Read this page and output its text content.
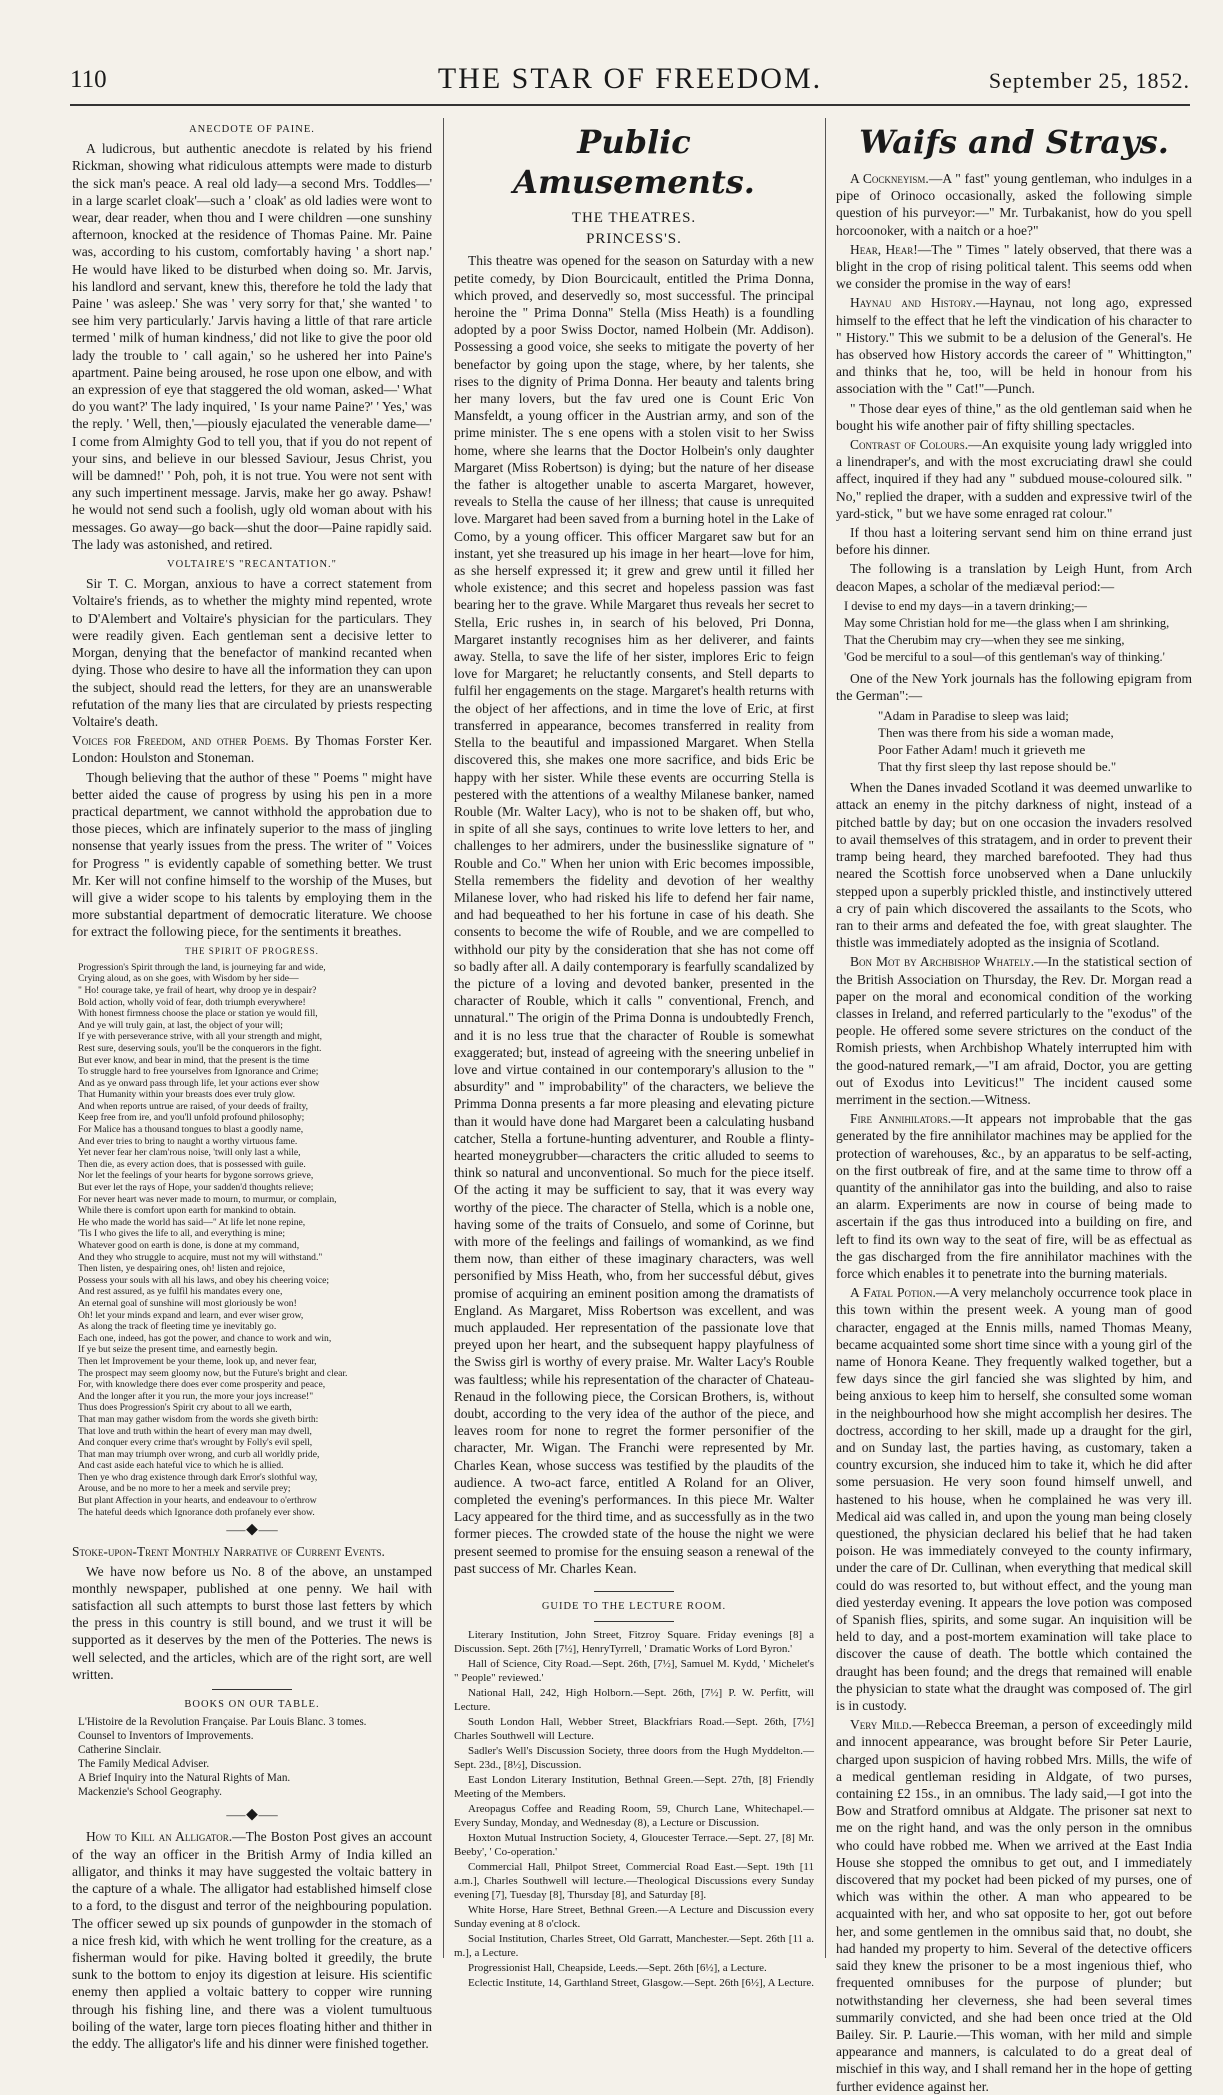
110	THE STAR OF FREEDOM.	September 25, 1852.
ANECDOTE OF PAINE.

A ludicrous, but authentic anecdote is related by his friend Rickman, showing what ridiculous attempts were made to disturb the sick man's peace. A real old lady—a second Mrs. Toddles—' in a large scarlet cloak'—such a ' cloak' as old ladies were wont to wear, dear reader, when thou and I were children —one sunshiny afternoon, knocked at the residence of Thomas Paine. Mr. Paine was, according to his custom, comfortably having ' a short nap.' He would have liked to be disturbed when doing so. Mr. Jarvis, his landlord and servant, knew this, therefore he told the lady that Paine ' was asleep.' She was ' very sorry for that,' she wanted ' to see him very particularly.' Jarvis having a little of that rare article termed ' milk of human kindness,' did not like to give the poor old lady the trouble to ' call again,' so he ushered her into Paine's apartment. Paine being aroused, he rose upon one elbow, and with an expression of eye that staggered the old woman, asked—' What do you want?' The lady inquired, ' Is your name Paine?' ' Yes,' was the reply. ' Well, then,'—piously ejaculated the venerable dame—' I come from Almighty God to tell you, that if you do not repent of your sins, and believe in our blessed Saviour, Jesus Christ, you will be damned!' ' Poh, poh, it is not true. You were not sent with any such impertinent message. Jarvis, make her go away. Pshaw! he would not send such a foolish, ugly old woman about with his messages. Go away—go back—shut the door—Paine rapidly said. The lady was astonished, and retired.

VOLTAIRE'S "RECANTATION."

Sir T. C. Morgan, anxious to have a correct statement from Voltaire's friends, as to whether the mighty mind repented, wrote to D'Alembert and Voltaire's physician for the particulars. They were readily given. Each gentleman sent a decisive letter to Morgan, denying that the benefactor of mankind recanted when dying. Those who desire to have all the information they can upon the subject, should read the letters, for they are an unanswerable refutation of the many lies that are circulated by priests respecting Voltaire's death.

Voices for Freedom, and other Poems. By Thomas Forster Ker. London: Houlston and Stoneman.

Though believing that the author of these " Poems " might have better aided the cause of progress by using his pen in a more practical department, we cannot withhold the approbation due to those pieces, which are infinately superior to the mass of jingling nonsense that yearly issues from the press. The writer of " Voices for Progress " is evidently capable of something better. We trust Mr. Ker will not confine himself to the worship of the Muses, but will give a wider scope to his talents by employing them in the more substantial department of democratic literature. We choose for extract the following piece, for the sentiments it breathes.

THE SPIRIT OF PROGRESS.
Progression's Spirit through the land, is journeying far and wide,
Crying aloud, as on she goes, with Wisdom by her side—
" Ho! courage take, ye frail of heart, why droop ye in despair?
Bold action, wholly void of fear, doth triumph everywhere!
With honest firmness choose the place or station ye would fill,
And ye will truly gain, at last, the object of your will;
If ye with perseverance strive, with all your strength and might,
Rest sure, deserving souls, you'll be the conquerors in the fight.
But ever know, and bear in mind, that the present is the time
To struggle hard to free yourselves from Ignorance and Crime;
And as ye onward pass through life, let your actions ever show
That Humanity within your breasts does ever truly glow.
And when reports untrue are raised, of your deeds of frailty,
Keep free from ire, and you'll unfold profound philosophy;
For Malice has a thousand tongues to blast a goodly name,
And ever tries to bring to naught a worthy virtuous fame.
Yet never fear her clam'rous noise, 'twill only last a while,
Then die, as every action does, that is possessed with guile.
Nor let the feelings of your hearts for bygone sorrows grieve,
But ever let the rays of Hope, your sadden'd thoughts relieve;
For never heart was never made to mourn, to murmur, or complain,
While there is comfort upon earth for mankind to obtain.
He who made the world has said—" At life let none repine,
'Tis I who gives the life to all, and everything is mine;
Whatever good on earth is done, is done at my command,
And they who struggle to acquire, must not my will withstand."
Then listen, ye despairing ones, oh! listen and rejoice,
Possess your souls with all his laws, and obey his cheering voice;
And rest assured, as ye fulfil his mandates every one,
An eternal goal of sunshine will most gloriously be won!
Oh! let your minds expand and learn, and ever wiser grow,
As along the track of fleeting time ye inevitably go.
Each one, indeed, has got the power, and chance to work and win,
If ye but seize the present time, and earnestly begin.
Then let Improvement be your theme, look up, and never fear,
The prospect may seem gloomy now, but the Future's bright and clear.
For, with knowledge there does ever come prosperity and peace,
And the longer after it you run, the more your joys increase!"
Thus does Progression's Spirit cry about to all we earth,
That man may gather wisdom from the words she giveth birth:
That love and truth within the heart of every man may dwell,
And conquer every crime that's wrought by Folly's evil spell,
That man may triumph over wrong, and curb all worldly pride,
And cast aside each hateful vice to which he is allied.
Then ye who drag existence through dark Error's slothful way,
Arouse, and be no more to her a meek and servile prey;
But plant Affection in your hearts, and endeavour to o'erthrow
The hateful deeds which Ignorance doth profanely ever show.
⸺◆⸺

Stoke-upon-Trent Monthly Narrative of Current Events.

We have now before us No. 8 of the above, an unstamped monthly newspaper, published at one penny. We hail with satisfaction all such attempts to burst those last fetters by which the press in this country is still bound, and we trust it will be supported as it deserves by the men of the Potteries. The news is well selected, and the articles, which are of the right sort, are well written.

BOOKS ON OUR TABLE.
L'Histoire de la Revolution Française. Par Louis Blanc. 3 tomes.
Counsel to Inventors of Improvements.
Catherine Sinclair.
The Family Medical Adviser.
A Brief Inquiry into the Natural Rights of Man.
Mackenzie's School Geography.
⸺◆⸺

How to Kill an Alligator.—The Boston Post gives an account of the way an officer in the British Army of India killed an alligator, and thinks it may have suggested the voltaic battery in the capture of a whale. The alligator had established himself close to a ford, to the disgust and terror of the neighbouring population. The officer sewed up six pounds of gunpowder in the stomach of a nice fresh kid, with which he went trolling for the creature, as a fisherman would for pike. Having bolted it greedily, the brute sunk to the bottom to enjoy its digestion at leisure. His scientific enemy then applied a voltaic battery to copper wire running through his fishing line, and there was a violent tumultuous boiling of the water, large torn pieces floating hither and thither in the eddy. The alligator's life and his dinner were finished together.

Public Amusements.
THE THEATRES.
PRINCESS'S.

This theatre was opened for the season on Saturday with a new petite comedy, by Dion Bourcicault, entitled the Prima Donna, which proved, and deservedly so, most successful. The principal heroine the " Prima Donna" Stella (Miss Heath) is a foundling adopted by a poor Swiss Doctor, named Holbein (Mr. Addison). Possessing a good voice, she seeks to mitigate the poverty of her benefactor by going upon the stage, where, by her talents, she rises to the dignity of Prima Donna. Her beauty and talents bring her many lovers, but the fav ured one is Count Eric Von Mansfeldt, a young officer in the Austrian army, and son of the prime minister. The s ene opens with a stolen visit to her Swiss home, where she learns that the Doctor Holbein's only daughter Margaret (Miss Robertson) is dying; but the nature of her disease the father is altogether unable to ascerta Margaret, however, reveals to Stella the cause of her illness; that cause is unrequited love. Margaret had been saved from a burning hotel in the Lake of Como, by a young officer. This officer Margaret saw but for an instant, yet she treasured up his image in her heart—love for him, as she herself expressed it; it grew and grew until it filled her whole existence; and this secret and hopeless passion was fast bearing her to the grave. While Margaret thus reveals her secret to Stella, Eric rushes in, in search of his beloved, Pri Donna, Margaret instantly recognises him as her deliverer, and faints away. Stella, to save the life of her sister, implores Eric to feign love for Margaret; he reluctantly consents, and Stell departs to fulfil her engagements on the stage. Margaret's health returns with the object of her affections, and in time the love of Eric, at first transferred in appearance, becomes transferred in reality from Stella to the beautiful and impassioned Margaret. When Stella discovered this, she makes one more sacrifice, and bids Eric be happy with her sister. While these events are occurring Stella is pestered with the attentions of a wealthy Milanese banker, named Rouble (Mr. Walter Lacy), who is not to be shaken off, but who, in spite of all she says, continues to write love letters to her, and challenges to her admirers, under the businesslike signature of " Rouble and Co." When her union with Eric becomes impossible, Stella remembers the fidelity and devotion of her wealthy Milanese lover, who had risked his life to defend her fair name, and had bequeathed to her his fortune in case of his death. She consents to become the wife of Rouble, and we are compelled to withhold our pity by the consideration that she has not come off so badly after all. A daily contemporary is fearfully scandalized by the picture of a loving and devoted banker, presented in the character of Rouble, which it calls " conventional, French, and unnatural." The origin of the Prima Donna is undoubtedly French, and it is no less true that the character of Rouble is somewhat exaggerated; but, instead of agreeing with the sneering unbelief in love and virtue contained in our contemporary's allusion to the " absurdity" and " improbability" of the characters, we believe the Primma Donna presents a far more pleasing and elevating picture than it would have done had Margaret been a calculating husband catcher, Stella a fortune-hunting adventurer, and Rouble a flinty-hearted moneygrubber—characters the critic alluded to seems to think so natural and unconventional. So much for the piece itself. Of the acting it may be sufficient to say, that it was every way worthy of the piece. The character of Stella, which is a noble one, having some of the traits of Consuelo, and some of Corinne, but with more of the feelings and failings of womankind, as we find them now, than either of these imaginary characters, was well personified by Miss Heath, who, from her successful début, gives promise of acquiring an eminent position among the dramatists of England. As Margaret, Miss Robertson was excellent, and was much applauded. Her representation of the passionate love that preyed upon her heart, and the subsequent happy playfulness of the Swiss girl is worthy of every praise. Mr. Walter Lacy's Rouble was faultless; while his representation of the character of Chateau-Renaud in the following piece, the Corsican Brothers, is, without doubt, according to the very idea of the author of the piece, and leaves room for none to regret the former personifier of the character, Mr. Wigan. The Franchi were represented by Mr. Charles Kean, whose success was testified by the plaudits of the audience. A two-act farce, entitled A Roland for an Oliver, completed the evening's performances. In this piece Mr. Walter Lacy appeared for the third time, and as successfully as in the two former pieces. The crowded state of the house the night we were present seemed to promise for the ensuing season a renewal of the past success of Mr. Charles Kean.

GUIDE TO THE LECTURE ROOM.

Literary Institution, John Street, Fitzroy Square. Friday evenings [8] a Discussion. Sept. 26th [7½], HenryTyrrell, ' Dramatic Works of Lord Byron.'

Hall of Science, City Road.—Sept. 26th, [7½], Samuel M. Kydd, ' Michelet's " People" reviewed.'

National Hall, 242, High Holborn.—Sept. 26th, [7½] P. W. Perfitt, will Lecture.

South London Hall, Webber Street, Blackfriars Road.—Sept. 26th, [7½] Charles Southwell will Lecture.

Sadler's Well's Discussion Society, three doors from the Hugh Myddelton.—Sept. 23d., [8½], Discussion.

East London Literary Institution, Bethnal Green.—Sept. 27th, [8] Friendly Meeting of the Members.

Areopagus Coffee and Reading Room, 59, Church Lane, Whitechapel.—Every Sunday, Monday, and Wednesday (8), a Lecture or Discussion.

Hoxton Mutual Instruction Society, 4, Gloucester Terrace.—Sept. 27, [8] Mr. Beeby', ' Co-operation.'

Commercial Hall, Philpot Street, Commercial Road East.—Sept. 19th [11 a.m.], Charles Southwell will lecture.—Theological Discussions every Sunday evening [7], Tuesday [8], Thursday [8], and Saturday [8].

White Horse, Hare Street, Bethnal Green.—A Lecture and Discussion every Sunday evening at 8 o'clock.

Social Institution, Charles Street, Old Garratt, Manchester.—Sept. 26th [11 a. m.], a Lecture.

Progressionist Hall, Cheapside, Leeds.—Sept. 26th [6½], a Lecture.

Eclectic Institute, 14, Garthland Street, Glasgow.—Sept. 26th [6½], A Lecture.

Waifs and Strays.

A Cockneyism.—A " fast" young gentleman, who indulges in a pipe of Orinoco occasionally, asked the following simple question of his purveyor:—" Mr. Turbakanist, how do you spell horcoonoker, with a naitch or a hoe?"

Hear, Hear!—The " Times " lately observed, that there was a blight in the crop of rising political talent. This seems odd when we consider the promise in the way of ears!

Haynau and History.—Haynau, not long ago, expressed himself to the effect that he left the vindication of his character to " History." This we submit to be a delusion of the General's. He has observed how History accords the career of " Whittington," and thinks that he, too, will be held in honour from his association with the " Cat!"—Punch.

" Those dear eyes of thine," as the old gentleman said when he bought his wife another pair of fifty shilling spectacles.

Contrast of Colours.—An exquisite young lady wriggled into a linendraper's, and with the most excruciating drawl she could affect, inquired if they had any " subdued mouse-coloured silk. " No," replied the draper, with a sudden and expressive twirl of the yard-stick, " but we have some enraged rat colour."

If thou hast a loitering servant send him on thine errand just before his dinner.

The following is a translation by Leigh Hunt, from Arch deacon Mapes, a scholar of the mediæval period:—

I devise to end my days—in a tavern drinking;—
May some Christian hold for me—the glass when I am shrinking,
That the Cherubim may cry—when they see me sinking,
'God be merciful to a soul—of this gentleman's way of thinking.'

One of the New York journals has the following epigram from the German":—

"Adam in Paradise to sleep was laid;
Then was there from his side a woman made,
Poor Father Adam! much it grieveth me
That thy first sleep thy last repose should be."

When the Danes invaded Scotland it was deemed unwarlike to attack an enemy in the pitchy darkness of night, instead of a pitched battle by day; but on one occasion the invaders resolved to avail themselves of this stratagem, and in order to prevent their tramp being heard, they marched barefooted. They had thus neared the Scottish force unobserved when a Dane unluckily stepped upon a superbly prickled thistle, and instinctively uttered a cry of pain which discovered the assailants to the Scots, who ran to their arms and defeated the foe, with great slaughter. The thistle was immediately adopted as the insignia of Scotland.

Bon Mot by Archbishop Whately.—In the statistical section of the British Association on Thursday, the Rev. Dr. Morgan read a paper on the moral and economical condition of the working classes in Ireland, and referred particularly to the "exodus" of the people. He offered some severe strictures on the conduct of the Romish priests, when Archbishop Whately interrupted him with the good-natured remark,—"I am afraid, Doctor, you are getting out of Exodus into Leviticus!" The incident caused some merriment in the section.—Witness.

Fire Annihilators.—It appears not improbable that the gas generated by the fire annihilator machines may be applied for the protection of warehouses, &c., by an apparatus to be self-acting, on the first outbreak of fire, and at the same time to throw off a quantity of the annihilator gas into the building, and also to raise an alarm. Experiments are now in course of being made to ascertain if the gas thus introduced into a building on fire, and left to find its own way to the seat of fire, will be as effectual as the gas discharged from the fire annihilator machines with the force which enables it to penetrate into the burning materials.

A Fatal Potion.—A very melancholy occurrence took place in this town within the present week. A young man of good character, engaged at the Ennis mills, named Thomas Meany, became acquainted some short time since with a young girl of the name of Honora Keane. They frequently walked together, but a few days since the girl fancied she was slighted by him, and being anxious to keep him to herself, she consulted some woman in the neighbourhood how she might accomplish her desires. The doctress, according to her skill, made up a draught for the girl, and on Sunday last, the parties having, as customary, taken a country excursion, she induced him to take it, which he did after some persuasion. He very soon found himself unwell, and hastened to his house, when he complained he was very ill. Medical aid was called in, and upon the young man being closely questioned, the physician declared his belief that he had taken poison. He was immediately conveyed to the county infirmary, under the care of Dr. Cullinan, when everything that medical skill could do was resorted to, but without effect, and the young man died yesterday evening. It appears the love potion was composed of Spanish flies, spirits, and some sugar. An inquisition will be held to day, and a post-mortem examination will take place to discover the cause of death. The bottle which contained the draught has been found; and the dregs that remained will enable the physician to state what the draught was composed of. The girl is in custody.

Very Mild.—Rebecca Breeman, a person of exceedingly mild and innocent appearance, was brought before Sir Peter Laurie, charged upon suspicion of having robbed Mrs. Mills, the wife of a medical gentleman residing in Aldgate, of two purses, containing £2 15s., in an omnibus. The lady said,—I got into the Bow and Stratford omnibus at Aldgate. The prisoner sat next to me on the right hand, and was the only person in the omnibus who could have robbed me. When we arrived at the East India House she stopped the omnibus to get out, and I immediately discovered that my pocket had been picked of my purses, one of which was within the other. A man who appeared to be acquainted with her, and who sat opposite to her, got out before her, and some gentlemen in the omnibus said that, no doubt, she had handed my property to him. Several of the detective officers said they knew the prisoner to be a most ingenious thief, who frequented omnibuses for the purpose of plunder; but notwithstanding her cleverness, she had been several times summarily convicted, and she had been once tried at the Old Bailey. Sir. P. Laurie.—This woman, with her mild and simple appearance and manners, is calculated to do a great deal of mischief in this way, and I shall remand her in the hope of getting further evidence against her.
